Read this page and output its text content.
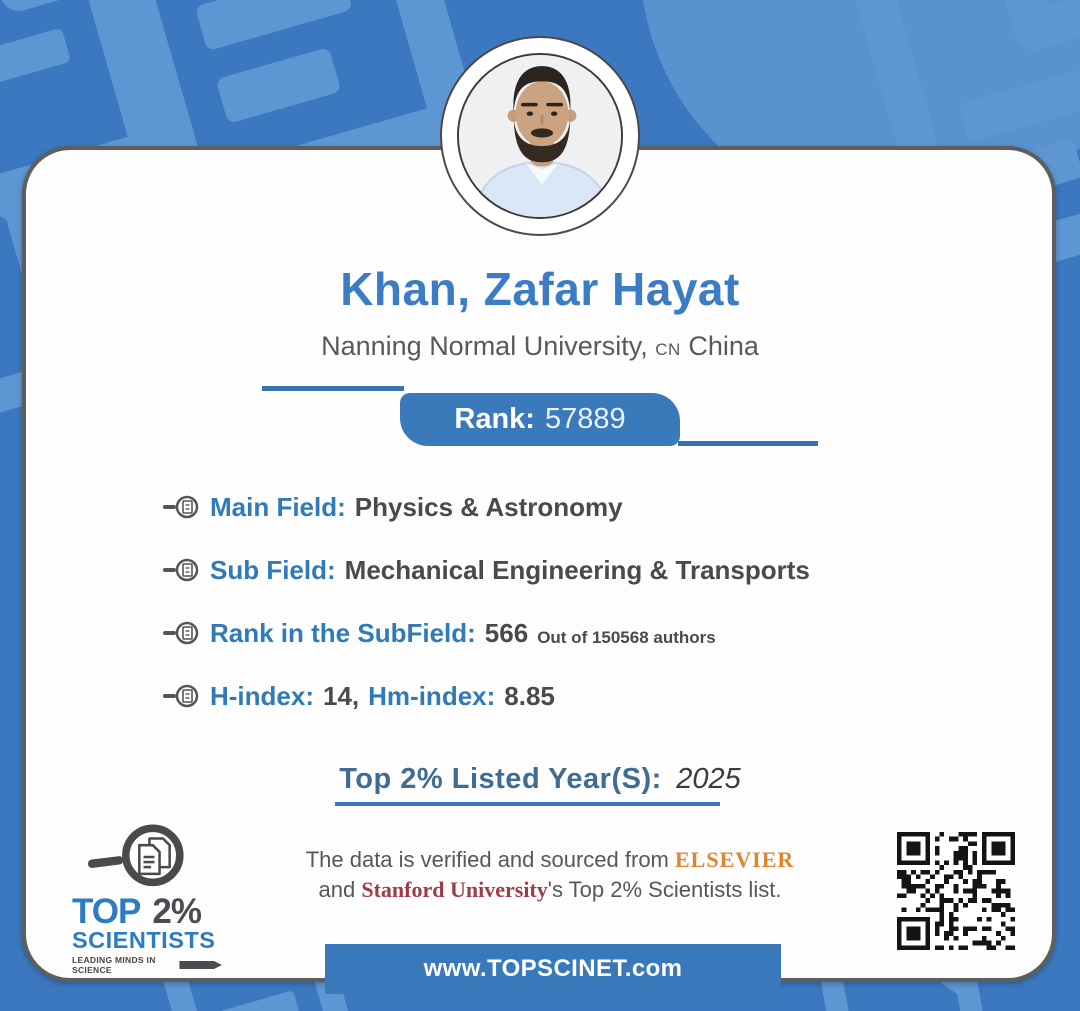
Khan, Zafar Hayat
Nanning Normal University, CN China
Rank: 57889
Main Field: Physics & Astronomy
Sub Field: Mechanical Engineering & Transports
Rank in the SubField: 566 Out of 150568 authors
H-index: 14, Hm-index: 8.85
Top 2% Listed Year(S): 2025
The data is verified and sourced from ELSEVIER
and Stanford University's Top 2% Scientists list.
TOP 2%
SCIENTISTS
LEADING MINDS IN SCIENCE	www.TOPSCINET.com
